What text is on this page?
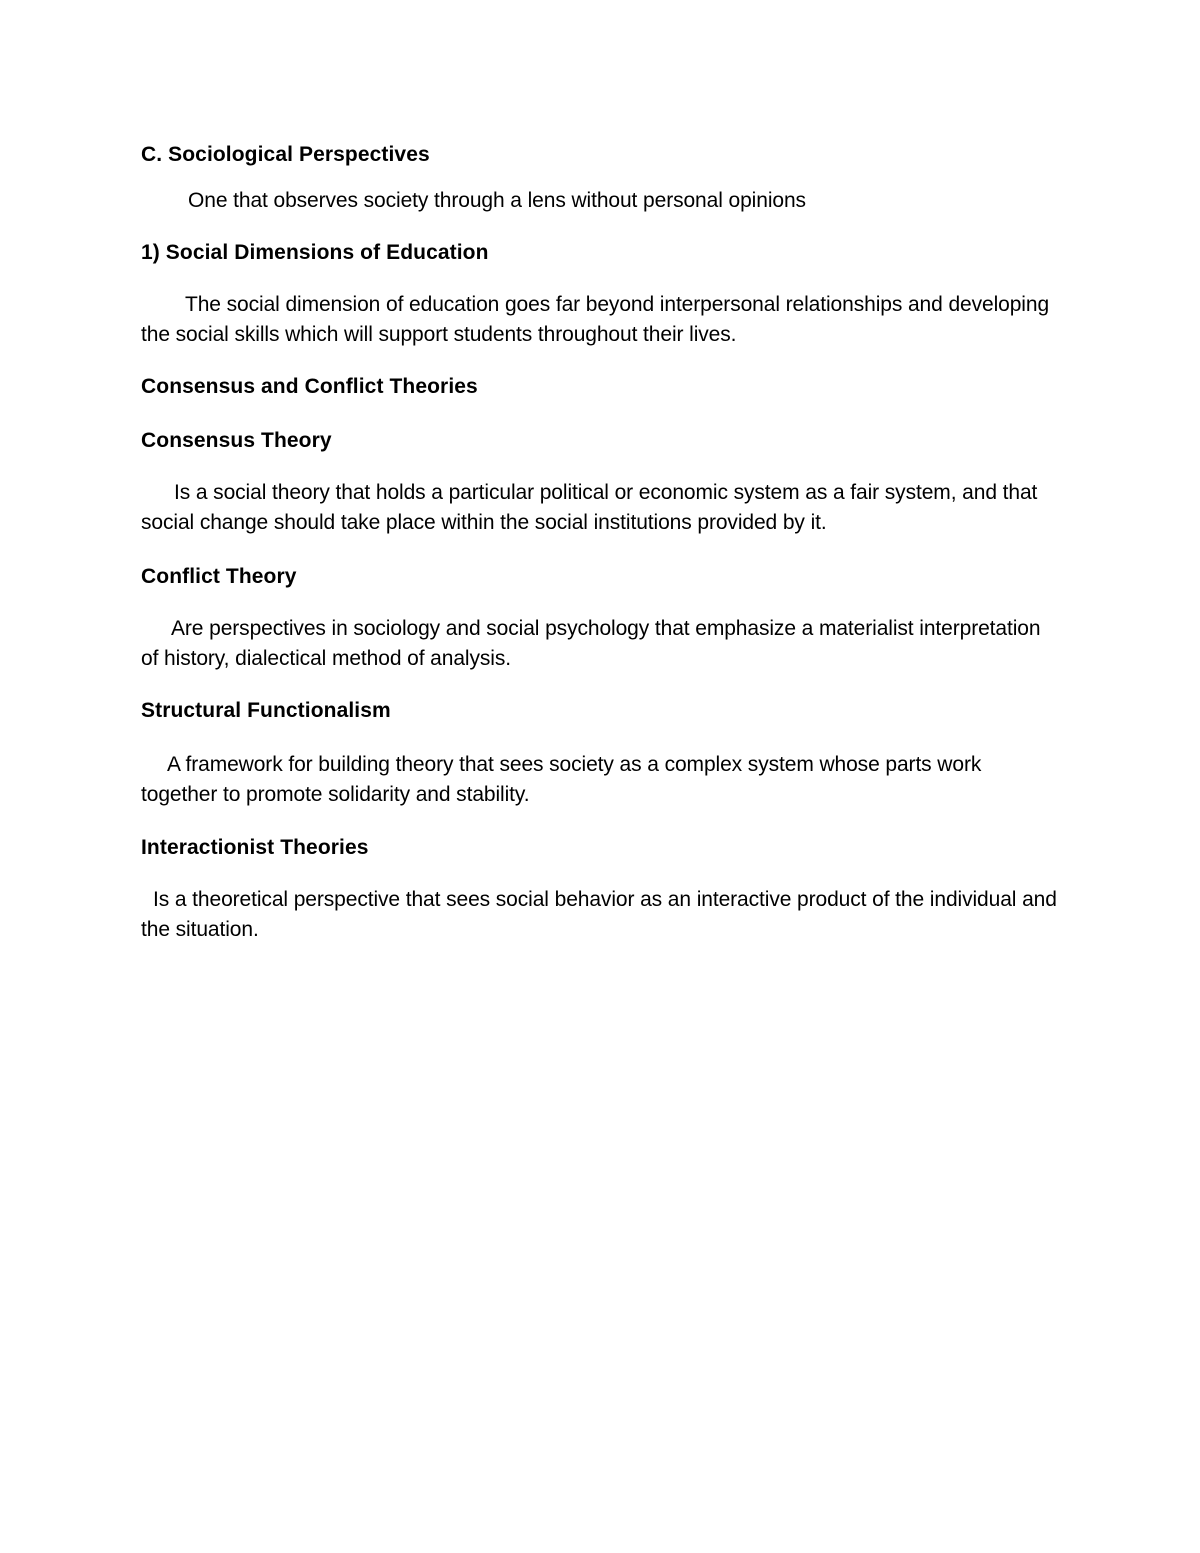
C. Sociological Perspectives

One that observes society through a lens without personal opinions

1) Social Dimensions of Education

The social dimension of education goes far beyond interpersonal relationships and developing the social skills which will support students throughout their lives.

Consensus and Conflict Theories
Consensus Theory

Is a social theory that holds a particular political or economic system as a fair system, and that social change should take place within the social institutions provided by it.

Conflict Theory

Are perspectives in sociology and social psychology that emphasize a materialist interpretation of history, dialectical method of analysis.

Structural Functionalism

A framework for building theory that sees society as a complex system whose parts work together to promote solidarity and stability.

Interactionist Theories

Is a theoretical perspective that sees social behavior as an interactive product of the individual and the situation.
